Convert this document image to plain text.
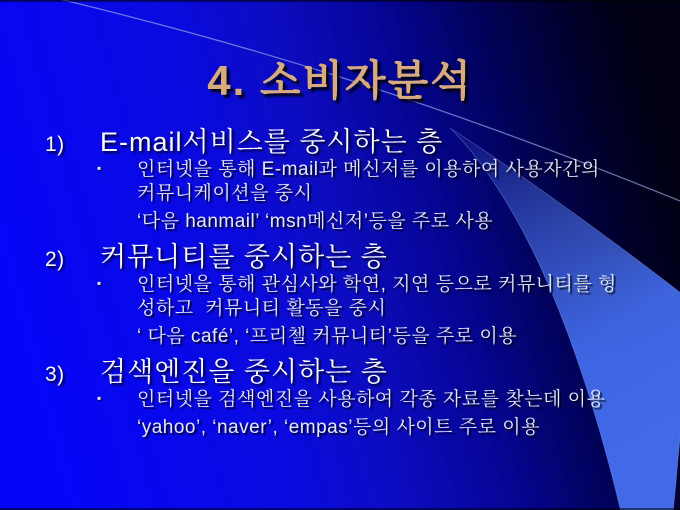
4. 소비자분석
1)	E-mail서비스를 중시하는 층
▪ 인터넷을 통해 E-mail과 메신저를 이용하여 사용자간의
커뮤니케이션을 중시
‘다음 hanmail’ ‘msn메신저’등을 주로 사용
2)	커뮤니티를 중시하는 층
▪ 인터넷을 통해 관심사와 학연, 지연 등으로 커뮤니티를 형
성하고  커뮤니티 활동을 중시
‘ 다음 café’, ‘프리첼 커뮤니티’등을 주로 이용
3)	검색엔진을 중시하는 층
▪ 인터넷을 검색엔진을 사용하여 각종 자료를 찾는데 이용
‘yahoo’, ‘naver’, ‘empas’등의 사이트 주로 이용
